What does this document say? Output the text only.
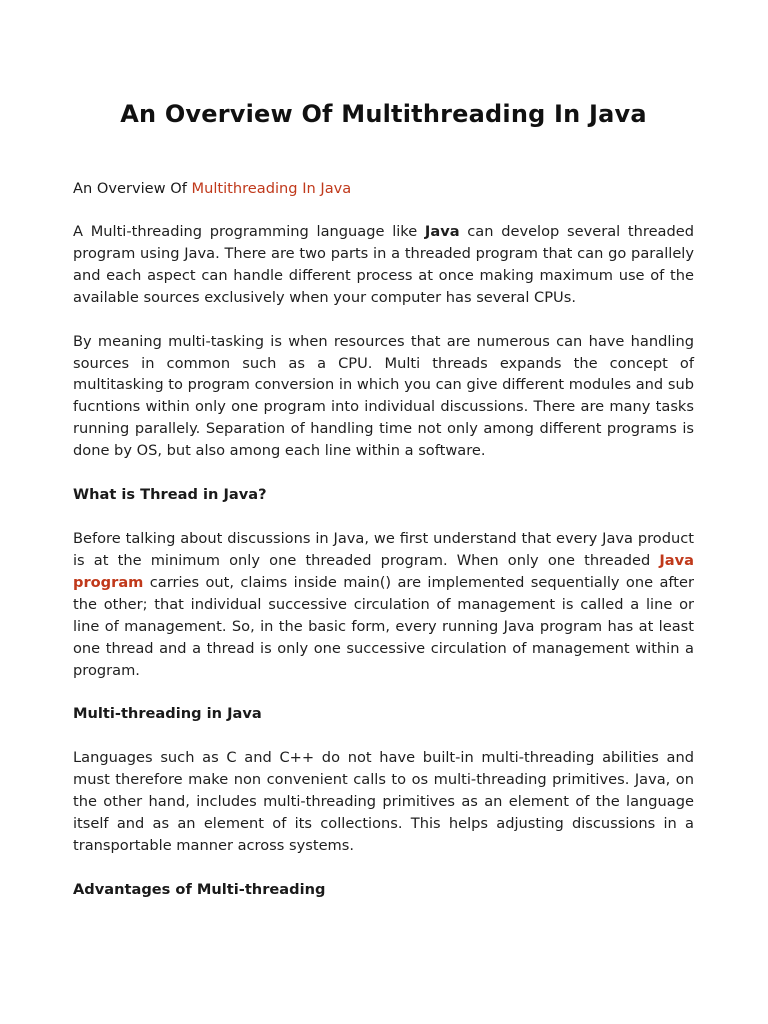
An Overview Of Multithreading In Java
An Overview Of Multithreading In Java

A Multi-threading programming language like Java can develop several threaded program using Java. There are two parts in a threaded program that can go parallely and each aspect can handle different process at once making maximum use of the available sources exclusively when your computer has several CPUs.

By meaning multi-tasking is when resources that are numerous can have handling sources in common such as a CPU. Multi threads expands the concept of multitasking to program conversion in which you can give different modules and sub fucntions within only one program into individual discussions. There are many tasks running parallely. Separation of handling time not only among different programs is done by OS, but also among each line within a software.

What is Thread in Java?

Before talking about discussions in Java, we first understand that every Java product is at the minimum only one threaded program. When only one threaded Java program carries out, claims inside main() are implemented sequentially one after the other; that individual successive circulation of management is called a line or line of management. So, in the basic form, every running Java program has at least one thread and a thread is only one successive circulation of management within a program.

Multi-threading in Java

Languages such as C and C++ do not have built-in multi-threading abilities and must therefore make non convenient calls to os multi-threading primitives. Java, on the other hand, includes multi-threading primitives as an element of the language itself and as an element of its collections. This helps adjusting discussions in a transportable manner across systems.

Advantages of Multi-threading
